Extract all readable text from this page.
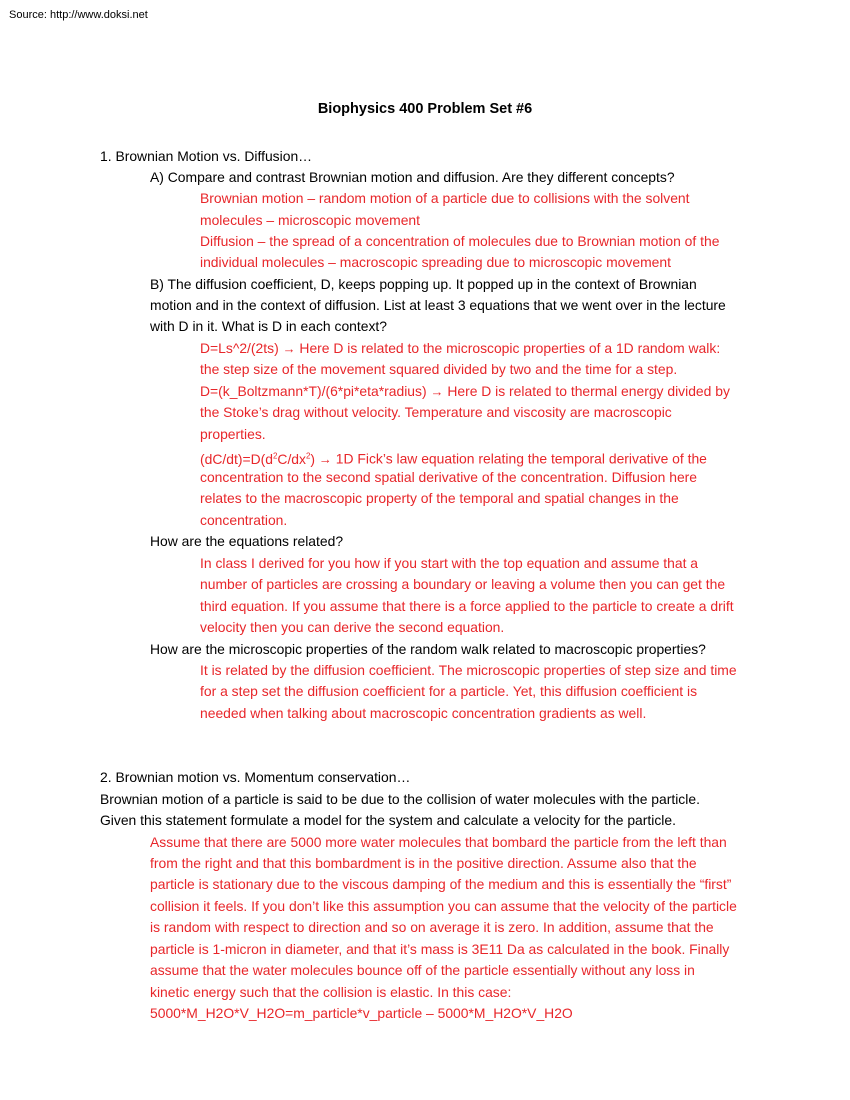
Source: http://www.doksi.net
Biophysics 400 Problem Set #6
1. Brownian Motion vs. Diffusion…
A) Compare and contrast Brownian motion and diffusion. Are they different concepts?
Brownian motion – random motion of a particle due to collisions with the solvent
molecules – microscopic movement
Diffusion – the spread of a concentration of molecules due to Brownian motion of the
individual molecules – macroscopic spreading due to microscopic movement
B) The diffusion coefficient, D, keeps popping up. It popped up in the context of Brownian
motion and in the context of diffusion. List at least 3 equations that we went over in the lecture
with D in it. What is D in each context?
D=Ls^2/(2ts) → Here D is related to the microscopic properties of a 1D random walk:
the step size of the movement squared divided by two and the time for a step.
D=(k_Boltzmann*T)/(6*pi*eta*radius) → Here D is related to thermal energy divided by
the Stoke’s drag without velocity. Temperature and viscosity are macroscopic
properties.
$(dC/dt)=D(d^2C/dx^2) \to 1D$ Fick’s law equation relating the temporal derivative of the
concentration to the second spatial derivative of the concentration. Diffusion here
relates to the macroscopic property of the temporal and spatial changes in the
concentration.
How are the equations related?
In class I derived for you how if you start with the top equation and assume that a
number of particles are crossing a boundary or leaving a volume then you can get the
third equation. If you assume that there is a force applied to the particle to create a drift
velocity then you can derive the second equation.
How are the microscopic properties of the random walk related to macroscopic properties?
It is related by the diffusion coefficient. The microscopic properties of step size and time
for a step set the diffusion coefficient for a particle. Yet, this diffusion coefficient is
needed when talking about macroscopic concentration gradients as well.
2. Brownian motion vs. Momentum conservation…
Brownian motion of a particle is said to be due to the collision of water molecules with the particle.
Given this statement formulate a model for the system and calculate a velocity for the particle.
Assume that there are 5000 more water molecules that bombard the particle from the left than
from the right and that this bombardment is in the positive direction. Assume also that the
particle is stationary due to the viscous damping of the medium and this is essentially the “first”
collision it feels. If you don’t like this assumption you can assume that the velocity of the particle
is random with respect to direction and so on average it is zero. In addition, assume that the
particle is 1-micron in diameter, and that it’s mass is 3E11 Da as calculated in the book. Finally
assume that the water molecules bounce off of the particle essentially without any loss in
kinetic energy such that the collision is elastic. In this case:
5000*M_H2O*V_H2O=m_particle*v_particle – 5000*M_H2O*V_H2O
